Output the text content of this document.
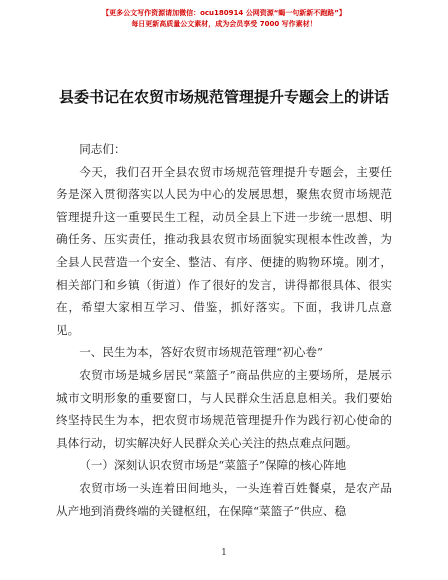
【更多公文写作资源请加微信：ocu180914 公网资源“蝎一句新新不跑路”】
每日更新高质量公文素材，成为会员享受 7000 写作素材！
县委书记在农贸市场规范管理提升专题会上的讲话

同志们：

今天，我们召开全县农贸市场规范管理提升专题会，主要任务是深入贯彻落实以人民为中心的发展思想，聚焦农贸市场规范管理提升这一重要民生工程，动员全县上下进一步统一思想、明确任务、压实责任，推动我县农贸市场面貌实现根本性改善，为全县人民营造一个安全、整洁、有序、便捷的购物环境。刚才，相关部门和乡镇（街道）作了很好的发言，讲得都很具体、很实在，希望大家相互学习、借鉴，抓好落实。下面，我讲几点意见。

一、民生为本，答好农贸市场规范管理“初心卷”

农贸市场是城乡居民“菜篮子”商品供应的主要场所，是展示城市文明形象的重要窗口，与人民群众生活息息相关。我们要始终坚持民生为本，把农贸市场规范管理提升作为践行初心使命的具体行动，切实解决好人民群众关心关注的热点难点问题。

（一）深刻认识农贸市场是“菜篮子”保障的核心阵地

农贸市场一头连着田间地头，一头连着百姓餐桌，是农产品从产地到消费终端的关键枢纽，在保障“菜篮子”供应、稳

1
